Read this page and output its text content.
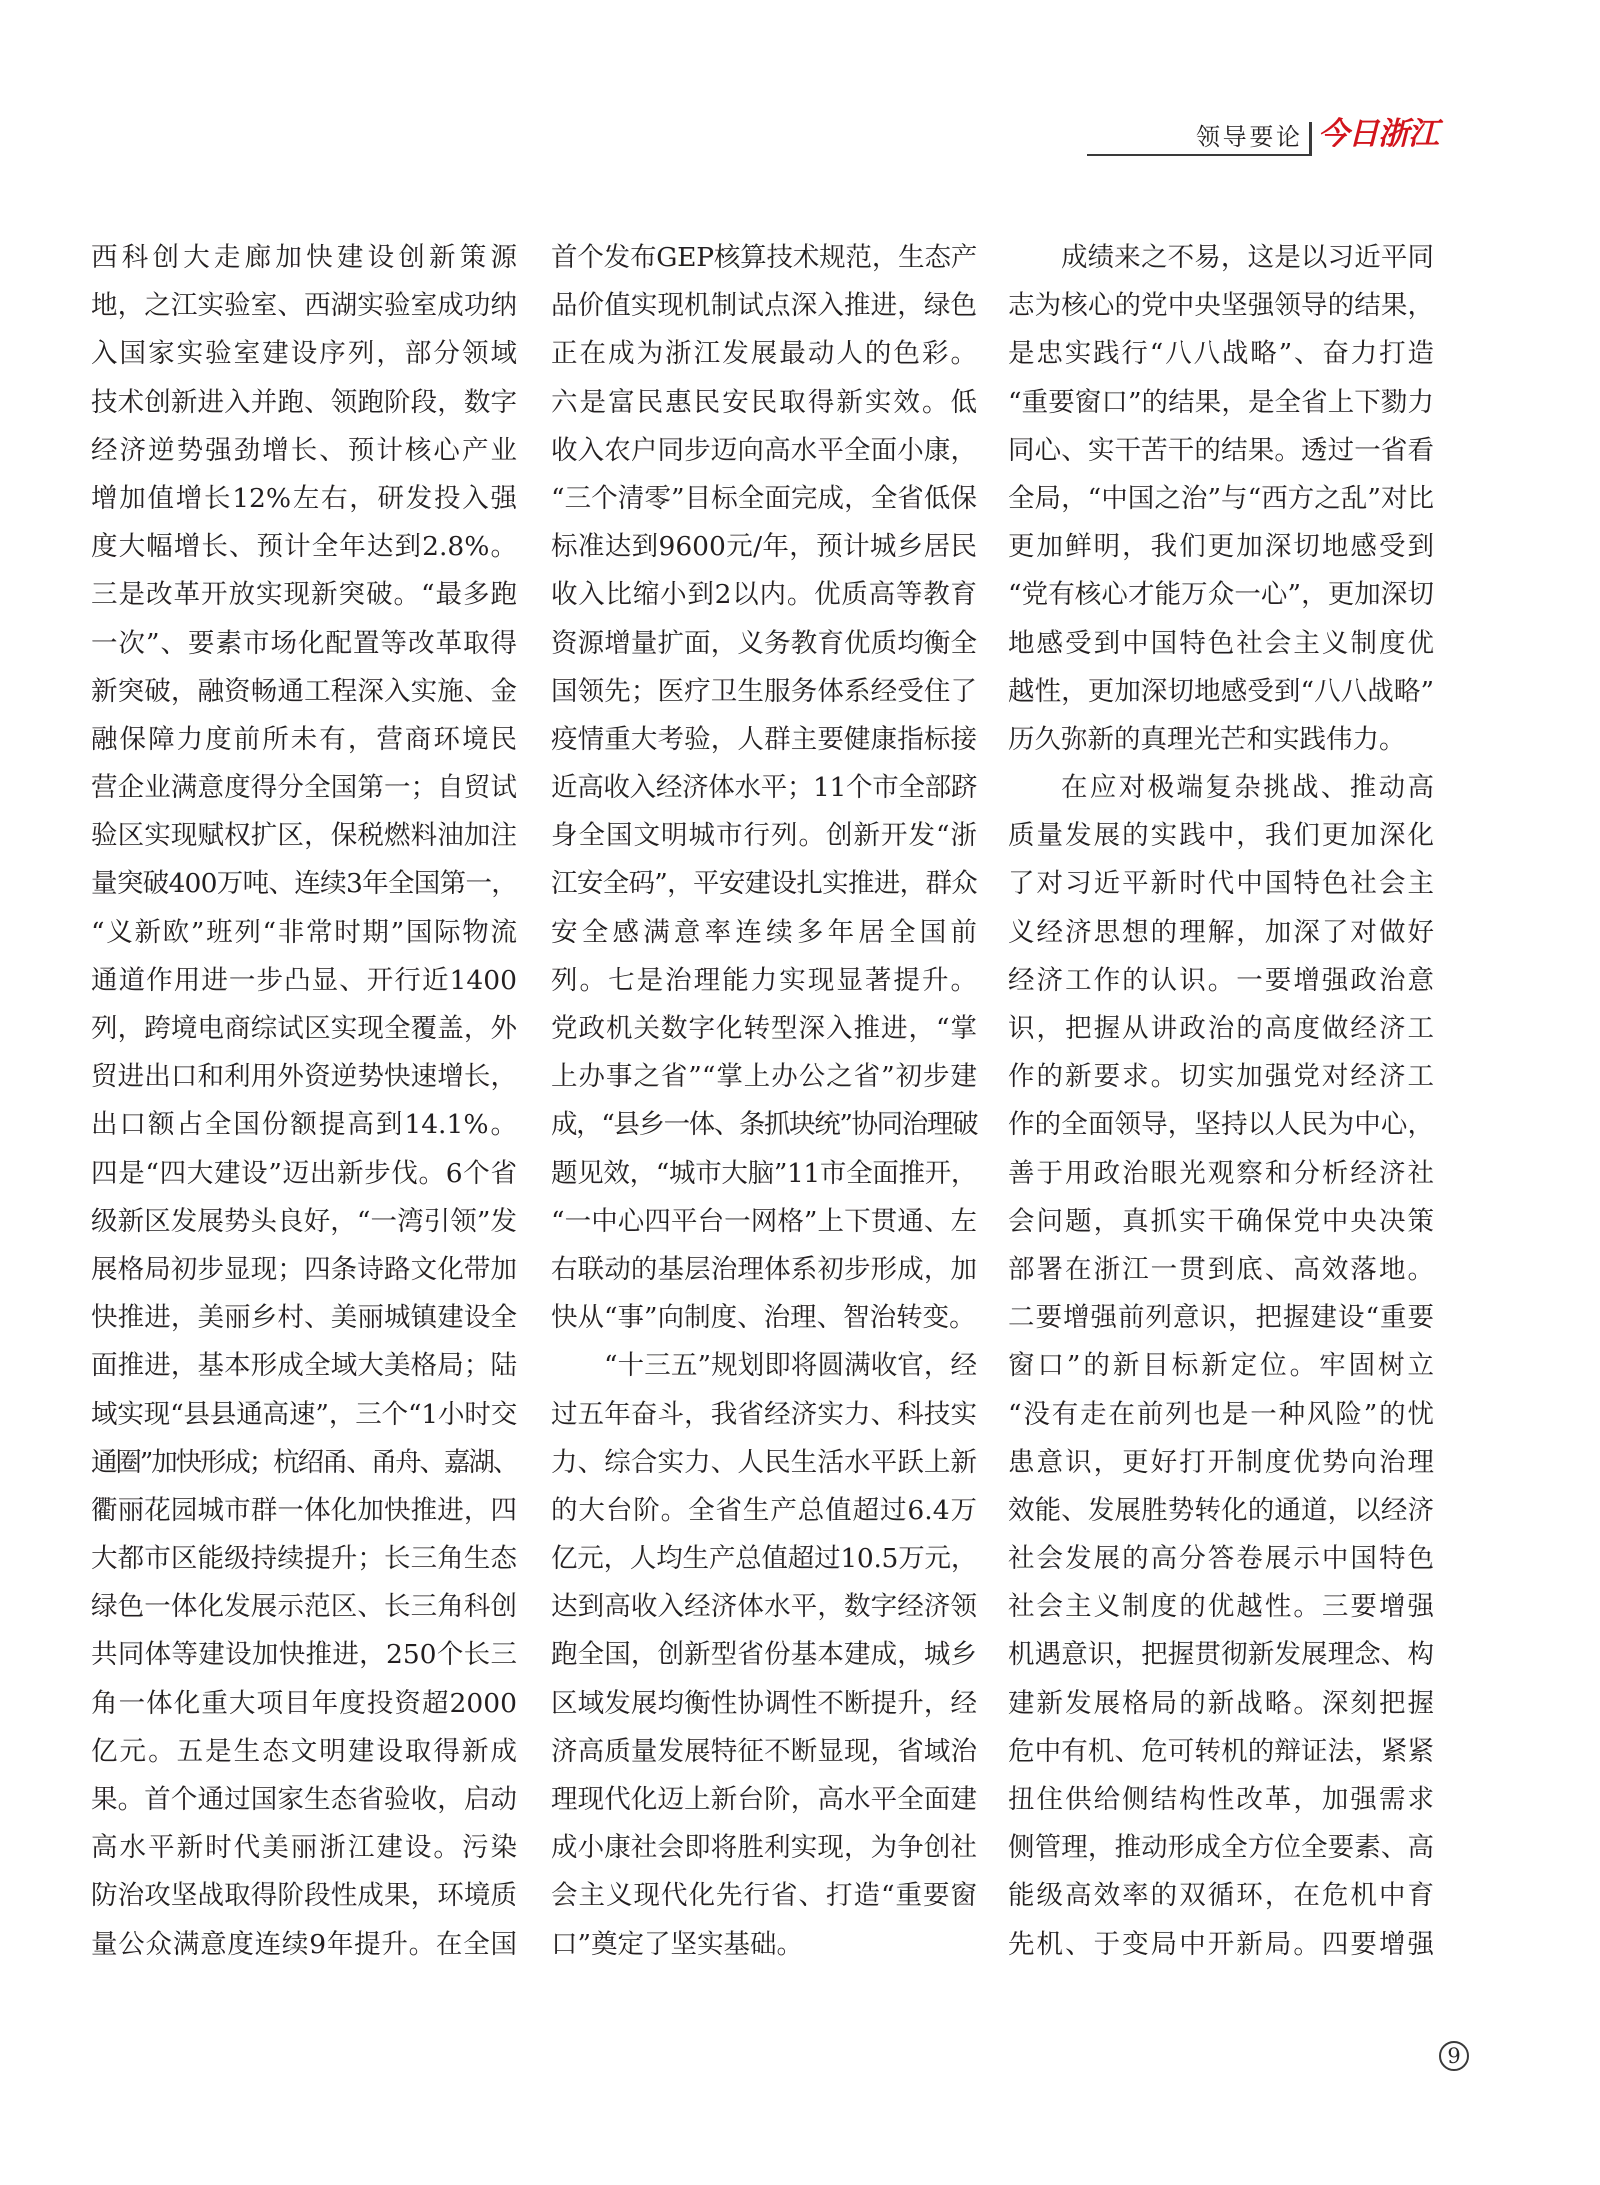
领导要论 今日浙江
西科创大走廊加快建设创新策源
地，之江实验室、西湖实验室成功纳
入国家实验室建设序列，部分领域
技术创新进入并跑、领跑阶段，数字
经济逆势强劲增长、预计核心产业
增加值增长12%左右，研发投入强
度大幅增长、预计全年达到2.8%。
三是改革开放实现新突破。“最多跑
一次”、要素市场化配置等改革取得
新突破，融资畅通工程深入实施、金
融保障力度前所未有，营商环境民
营企业满意度得分全国第一；自贸试
验区实现赋权扩区，保税燃料油加注
量突破400万吨、连续3年全国第一，
“义新欧”班列“非常时期”国际物流
通道作用进一步凸显、开行近1400
列，跨境电商综试区实现全覆盖，外
贸进出口和利用外资逆势快速增长，
出口额占全国份额提高到14.1%。
四是“四大建设”迈出新步伐。6个省
级新区发展势头良好，“一湾引领”发
展格局初步显现；四条诗路文化带加
快推进，美丽乡村、美丽城镇建设全
面推进，基本形成全域大美格局；陆
域实现“县县通高速”，三个“1小时交
通圈”加快形成；杭绍甬、甬舟、嘉湖、
衢丽花园城市群一体化加快推进，四
大都市区能级持续提升；长三角生态
绿色一体化发展示范区、长三角科创
共同体等建设加快推进，250个长三
角一体化重大项目年度投资超2000
亿元。五是生态文明建设取得新成
果。首个通过国家生态省验收，启动
高水平新时代美丽浙江建设。污染
防治攻坚战取得阶段性成果，环境质
量公众满意度连续9年提升。在全国
首个发布GEP核算技术规范，生态产
品价值实现机制试点深入推进，绿色
正在成为浙江发展最动人的色彩。
六是富民惠民安民取得新实效。低
收入农户同步迈向高水平全面小康，
“三个清零”目标全面完成，全省低保
标准达到9600元/年，预计城乡居民
收入比缩小到2以内。优质高等教育
资源增量扩面，义务教育优质均衡全
国领先；医疗卫生服务体系经受住了
疫情重大考验，人群主要健康指标接
近高收入经济体水平；11个市全部跻
身全国文明城市行列。创新开发“浙
江安全码”，平安建设扎实推进，群众
安全感满意率连续多年居全国前
列。七是治理能力实现显著提升。
党政机关数字化转型深入推进，“掌
上办事之省”“掌上办公之省”初步建
成，“县乡一体、条抓块统”协同治理破
题见效，“城市大脑”11市全面推开，
“一中心四平台一网格”上下贯通、左
右联动的基层治理体系初步形成，加
快从“事”向制度、治理、智治转变。
“十三五”规划即将圆满收官，经
过五年奋斗，我省经济实力、科技实
力、综合实力、人民生活水平跃上新
的大台阶。全省生产总值超过6.4万
亿元，人均生产总值超过10.5万元，
达到高收入经济体水平，数字经济领
跑全国，创新型省份基本建成，城乡
区域发展均衡性协调性不断提升，经
济高质量发展特征不断显现，省域治
理现代化迈上新台阶，高水平全面建
成小康社会即将胜利实现，为争创社
会主义现代化先行省、打造“重要窗
口”奠定了坚实基础。
成绩来之不易，这是以习近平同
志为核心的党中央坚强领导的结果，
是忠实践行“八八战略”、奋力打造
“重要窗口”的结果，是全省上下勠力
同心、实干苦干的结果。透过一省看
全局，“中国之治”与“西方之乱”对比
更加鲜明，我们更加深切地感受到
“党有核心才能万众一心”，更加深切
地感受到中国特色社会主义制度优
越性，更加深切地感受到“八八战略”
历久弥新的真理光芒和实践伟力。
在应对极端复杂挑战、推动高
质量发展的实践中，我们更加深化
了对习近平新时代中国特色社会主
义经济思想的理解，加深了对做好
经济工作的认识。一要增强政治意
识，把握从讲政治的高度做经济工
作的新要求。切实加强党对经济工
作的全面领导，坚持以人民为中心，
善于用政治眼光观察和分析经济社
会问题，真抓实干确保党中央决策
部署在浙江一贯到底、高效落地。
二要增强前列意识，把握建设“重要
窗口”的新目标新定位。牢固树立
“没有走在前列也是一种风险”的忧
患意识，更好打开制度优势向治理
效能、发展胜势转化的通道，以经济
社会发展的高分答卷展示中国特色
社会主义制度的优越性。三要增强
机遇意识，把握贯彻新发展理念、构
建新发展格局的新战略。深刻把握
危中有机、危可转机的辩证法，紧紧
扭住供给侧结构性改革，加强需求
侧管理，推动形成全方位全要素、高
能级高效率的双循环，在危机中育
先机、于变局中开新局。四要增强
9
